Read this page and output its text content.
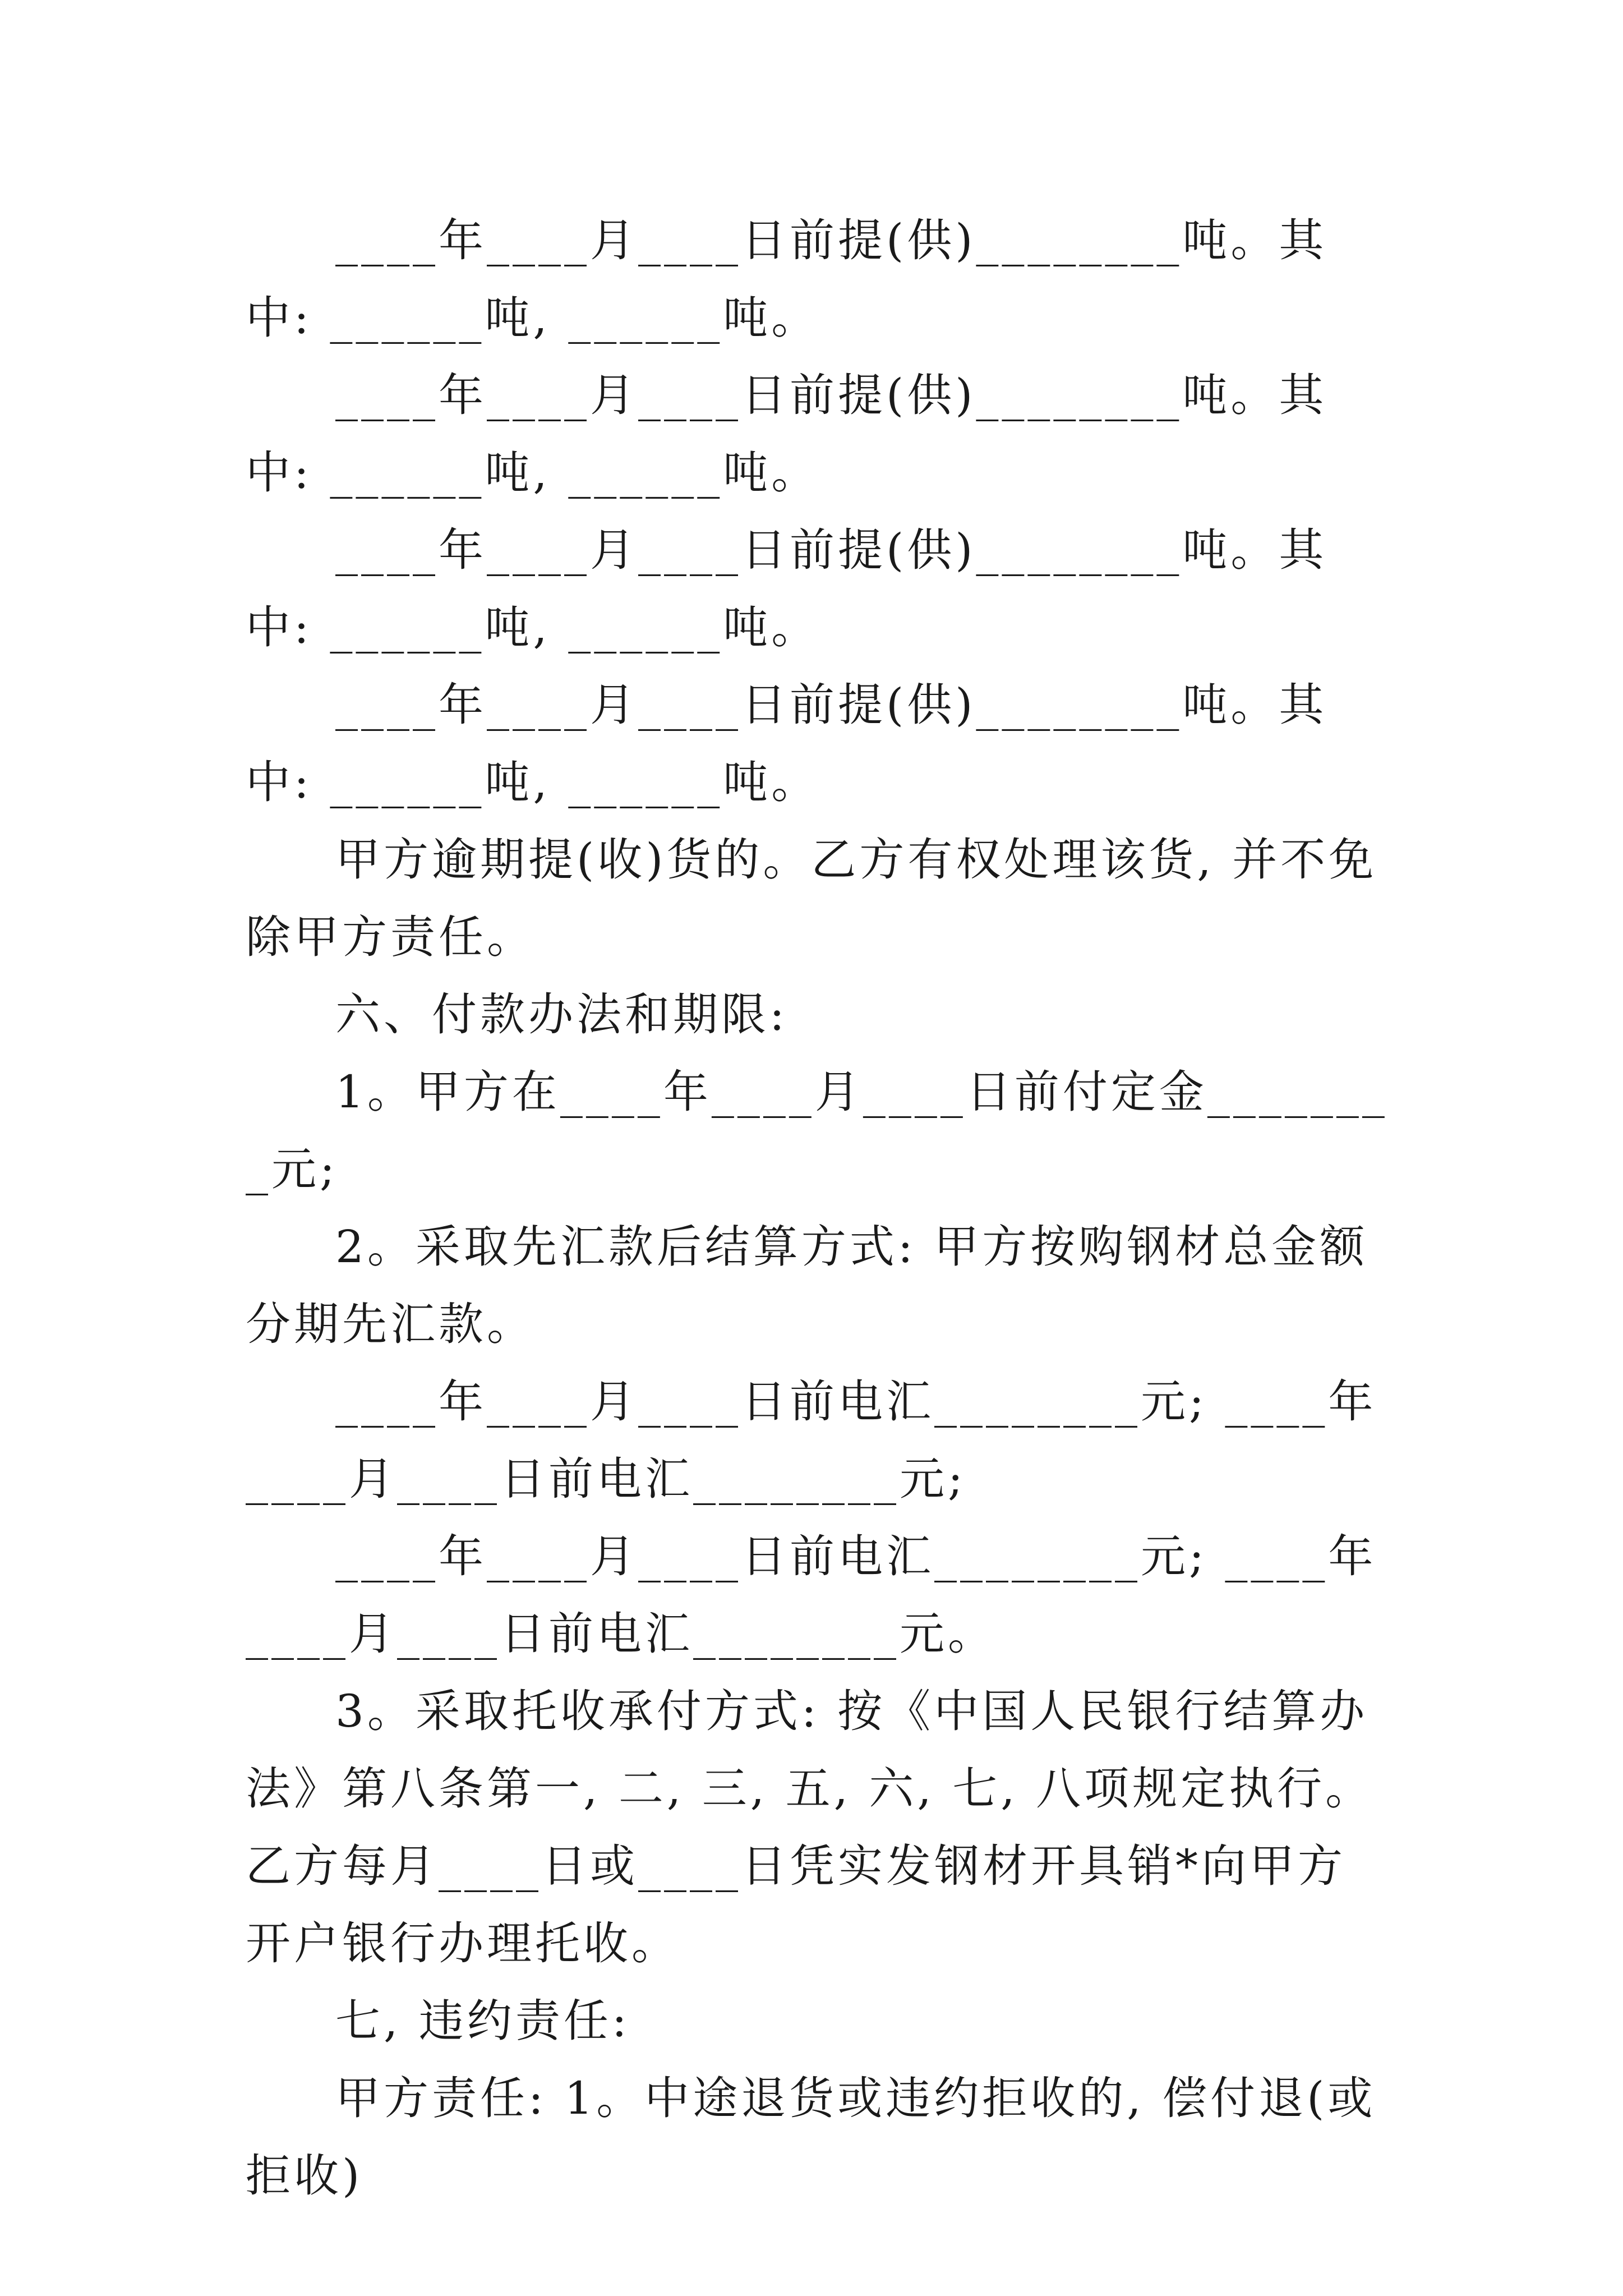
____年____月____日前提(供)________吨。其中: ______吨, ______吨。

____年____月____日前提(供)________吨。其中: ______吨, ______吨。

____年____月____日前提(供)________吨。其中: ______吨, ______吨。

____年____月____日前提(供)________吨。其中: ______吨, ______吨。

甲方逾期提(收)货的。乙方有权处理该货, 并不免除甲方责任。

六、付款办法和期限:

1。甲方在____年____月____日前付定金________元;

2。采取先汇款后结算方式: 甲方按购钢材总金额分期先汇款。

____年____月____日前电汇________元; ____年____月____日前电汇________元;

____年____月____日前电汇________元; ____年____月____日前电汇________元。

3。采取托收承付方式: 按《中国人民银行结算办法》第八条第一, 二, 三, 五, 六, 七, 八项规定执行。乙方每月____日或____日凭实发钢材开具销*向甲方开户银行办理托收。

七, 违约责任:

甲方责任: 1。中途退货或违约拒收的, 偿付退(或拒收)
